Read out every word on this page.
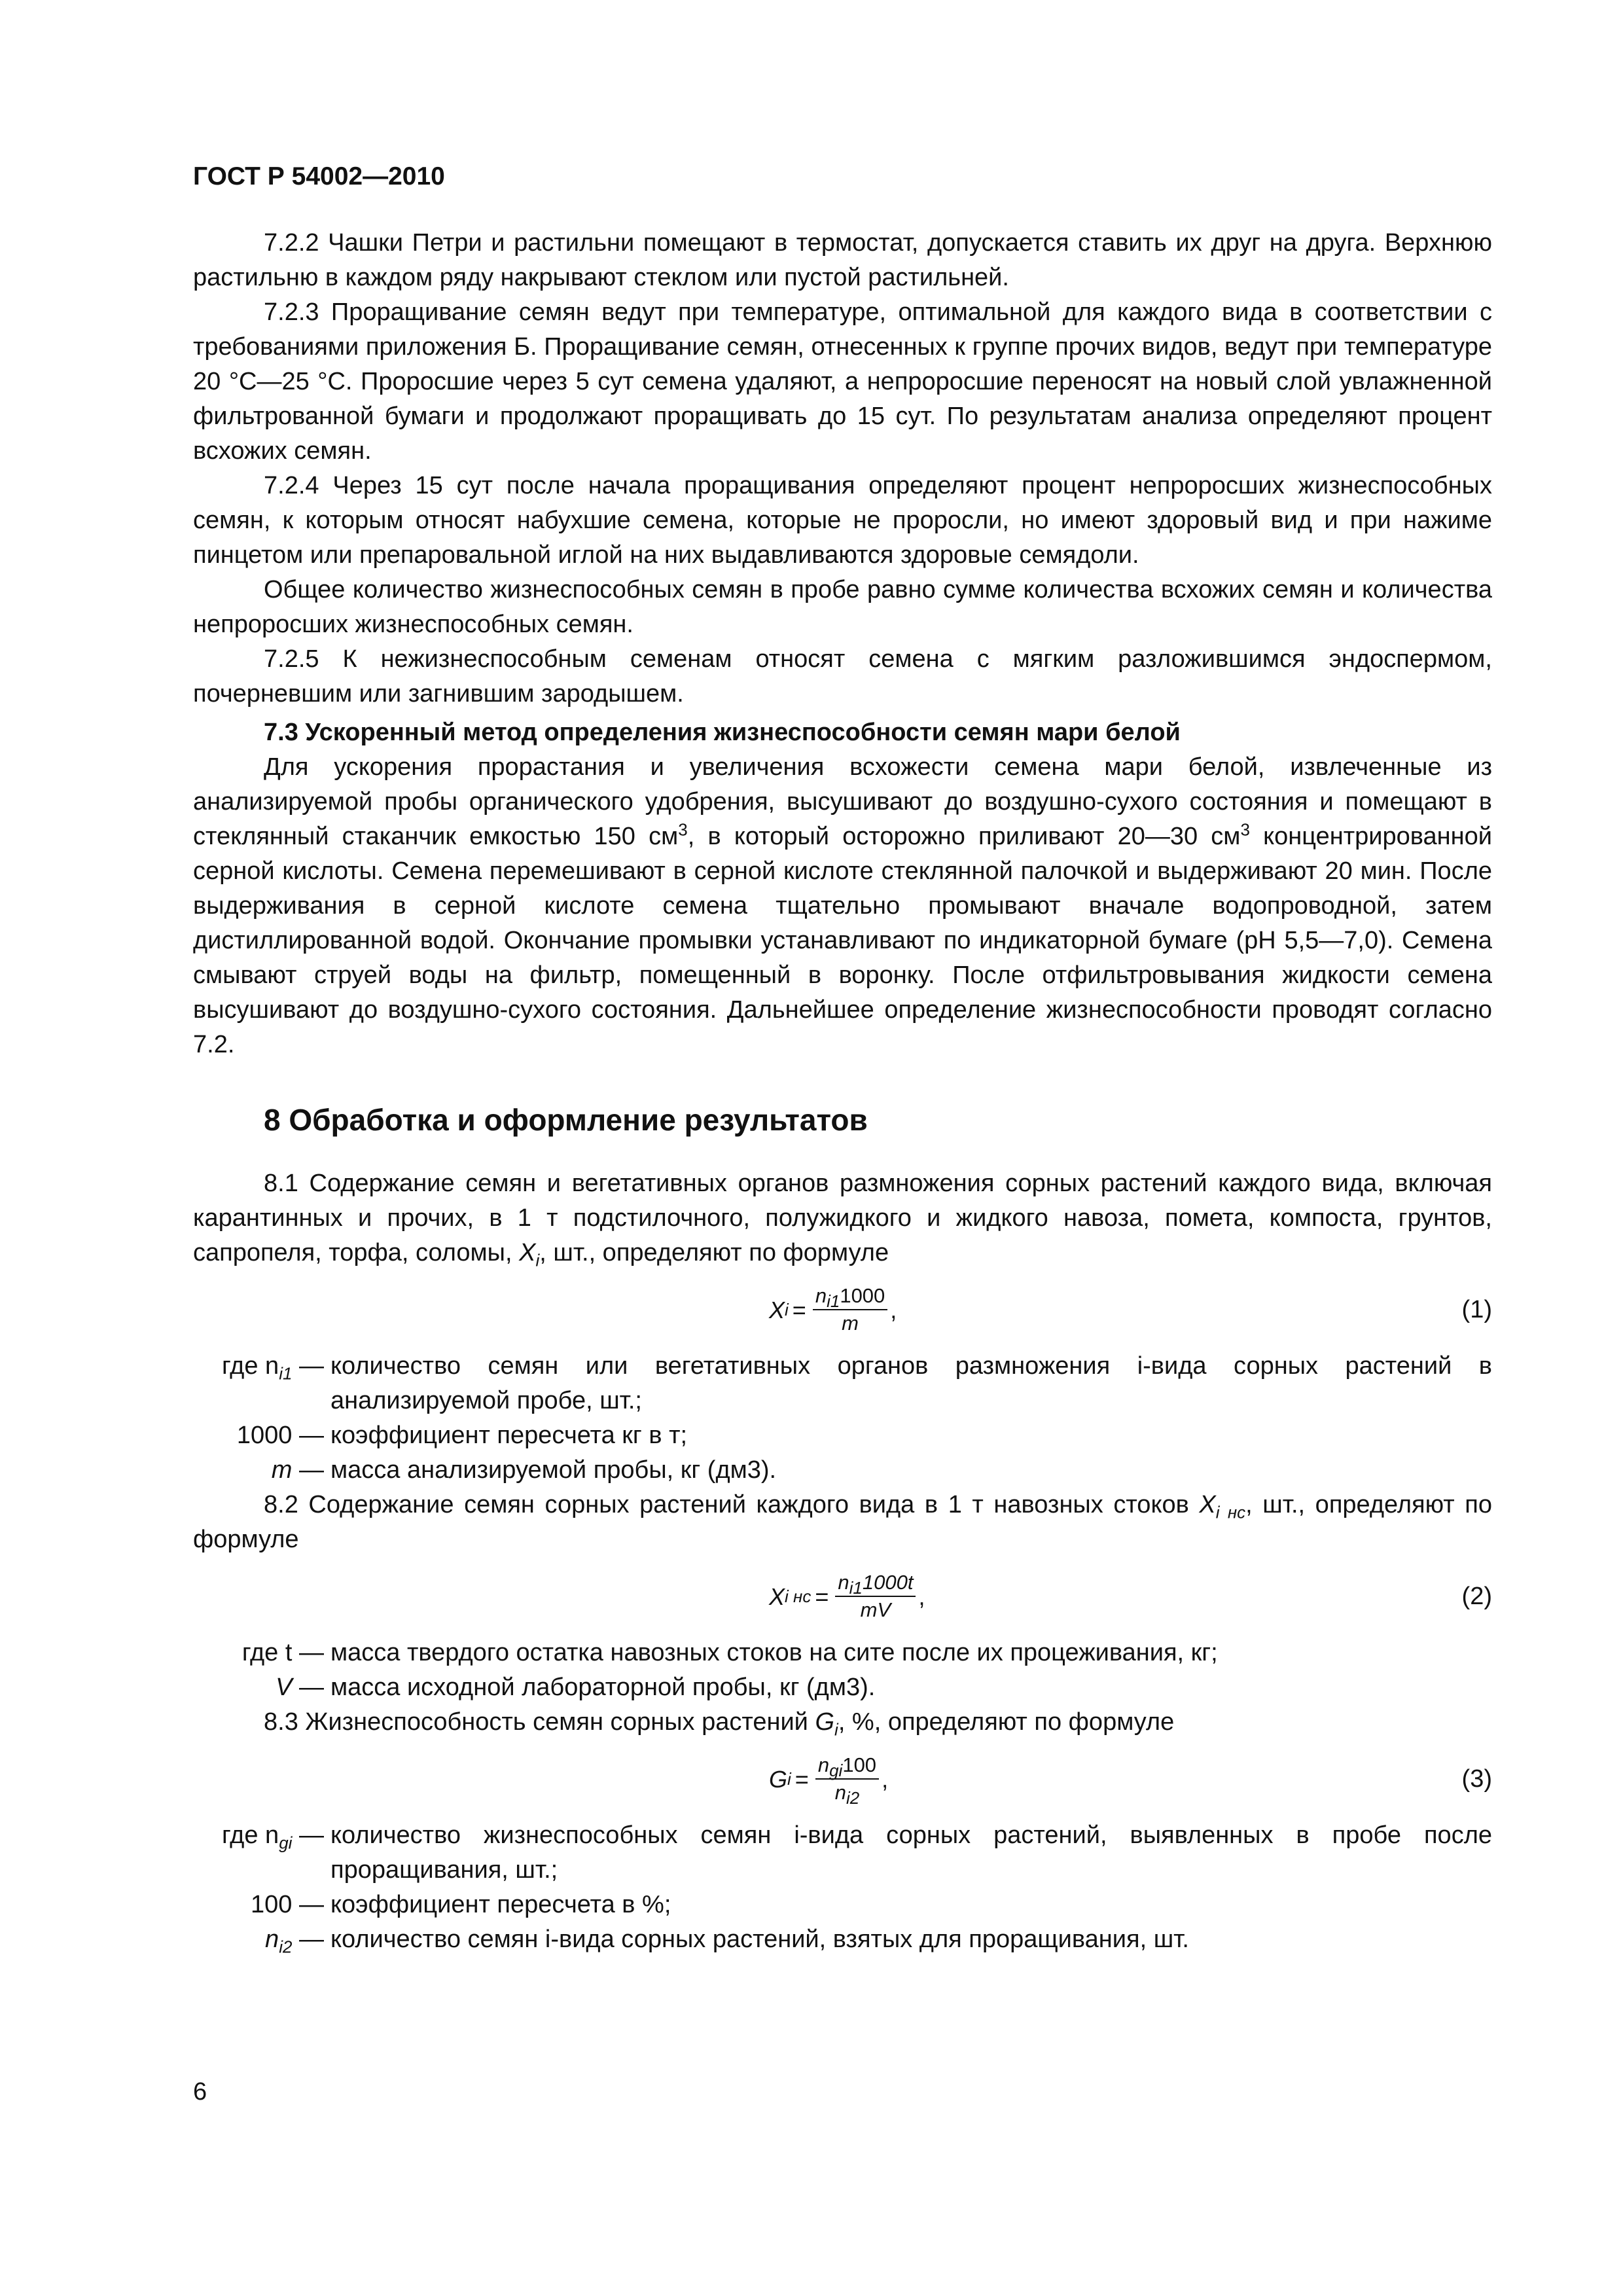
ГОСТ Р 54002—2010

7.2.2 Чашки Петри и растильни помещают в термостат, допускается ставить их друг на друга. Верхнюю растильню в каждом ряду накрывают стеклом или пустой растильней.

7.2.3 Проращивание семян ведут при температуре, оптимальной для каждого вида в соответствии с требованиями приложения Б. Проращивание семян, отнесенных к группе прочих видов, ведут при температуре 20 °С—25 °С. Проросшие через 5 сут семена удаляют, а непроросшие переносят на новый слой увлажненной фильтрованной бумаги и продолжают проращивать до 15 сут. По результатам анализа определяют процент всхожих семян.

7.2.4 Через 15 сут после начала проращивания определяют процент непроросших жизнеспособных семян, к которым относят набухшие семена, которые не проросли, но имеют здоровый вид и при нажиме пинцетом или препаровальной иглой на них выдавливаются здоровые семядоли.

Общее количество жизнеспособных семян в пробе равно сумме количества всхожих семян и количества непроросших жизнеспособных семян.

7.2.5 К нежизнеспособным семенам относят семена с мягким разложившимся эндоспермом, почерневшим или загнившим зародышем.

7.3 Ускоренный метод определения жизнеспособности семян мари белой

Для ускорения прорастания и увеличения всхожести семена мари белой, извлеченные из анализируемой пробы органического удобрения, высушивают до воздушно-сухого состояния и помещают в стеклянный стаканчик емкостью 150 $см^3$, в который осторожно приливают 20—30 $см^3$ концентрированной серной кислоты. Семена перемешивают в серной кислоте стеклянной палочкой и выдерживают 20 мин. После выдерживания в серной кислоте семена тщательно промывают вначале водопроводной, затем дистиллированной водой. Окончание промывки устанавливают по индикаторной бумаге (рН 5,5—7,0). Семена смывают струей воды на фильтр, помещенный в воронку. После отфильтровывания жидкости семена высушивают до воздушно-сухого состояния. Дальнейшее определение жизнеспособности проводят согласно 7.2.

8 Обработка и оформление результатов

8.1 Содержание семян и вегетативных органов размножения сорных растений каждого вида, включая карантинных и прочих, в 1 т подстилочного, полужидкого и жидкого навоза, помета, компоста, грунтов, сапропеля, торфа, соломы, $X_i$, шт., определяют по формуле

X $i = \frac{n_{i1}1000}{m}$ ,	(1)
где $n_{i1}$ — количество семян или вегетативных органов размножения i-вида сорных растений в анализируемой пробе, шт.;
1000 — коэффициент пересчета кг в т;
m — масса анализируемой пробы, кг (дм3).

8.2 Содержание семян сорных растений каждого вида в 1 т навозных стоков $X_{i нс}$, шт., определяют по формуле

X i нс = $\frac{n_{i1}1000t}{mV}$ ,	(2)
где t — масса твердого остатка навозных стоков на сите после их процеживания, кг;
V — масса исходной лабораторной пробы, кг (дм3).

8.3 Жизнеспособность семян сорных растений $G_i$, %, определяют по формуле

G $i = \frac{n_{gi}100}{n_{i2}}$ ,	(3)
где $n_{gi}$ — количество жизнеспособных семян i-вида сорных растений, выявленных в пробе после проращивания, шт.;
100 — коэффициент пересчета в %;
$n_{i2}$ — количество семян i-вида сорных растений, взятых для проращивания, шт.
6
